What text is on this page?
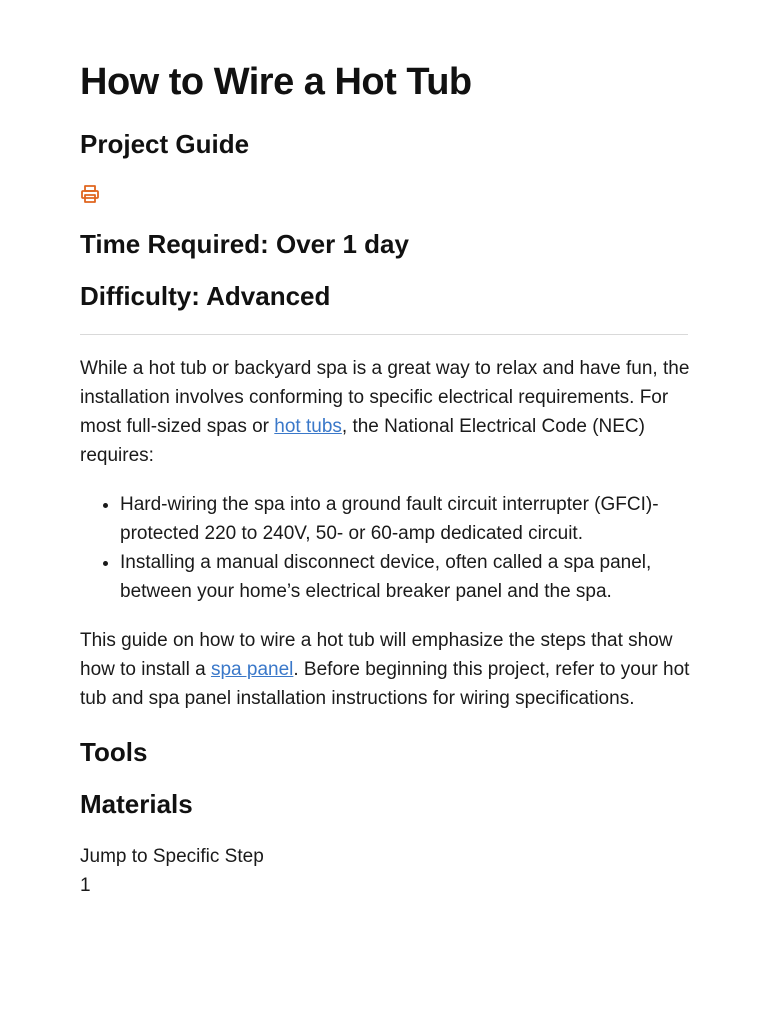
How to Wire a Hot Tub
Project Guide
Time Required: Over 1 day
Difficulty: Advanced

While a hot tub or backyard spa is a great way to relax and have fun, the installation involves conforming to specific electrical requirements. For most full-sized spas or hot tubs, the National Electrical Code (NEC) requires:

• Hard-wiring the spa into a ground fault circuit interrupter (GFCI)-protected 220 to 240V, 50- or 60-amp dedicated circuit.
• Installing a manual disconnect device, often called a spa panel, between your home’s electrical breaker panel and the spa.

This guide on how to wire a hot tub will emphasize the steps that show how to install a spa panel. Before beginning this project, refer to your hot tub and spa panel installation instructions for wiring specifications.

Tools
Materials

Jump to Specific Step

1
